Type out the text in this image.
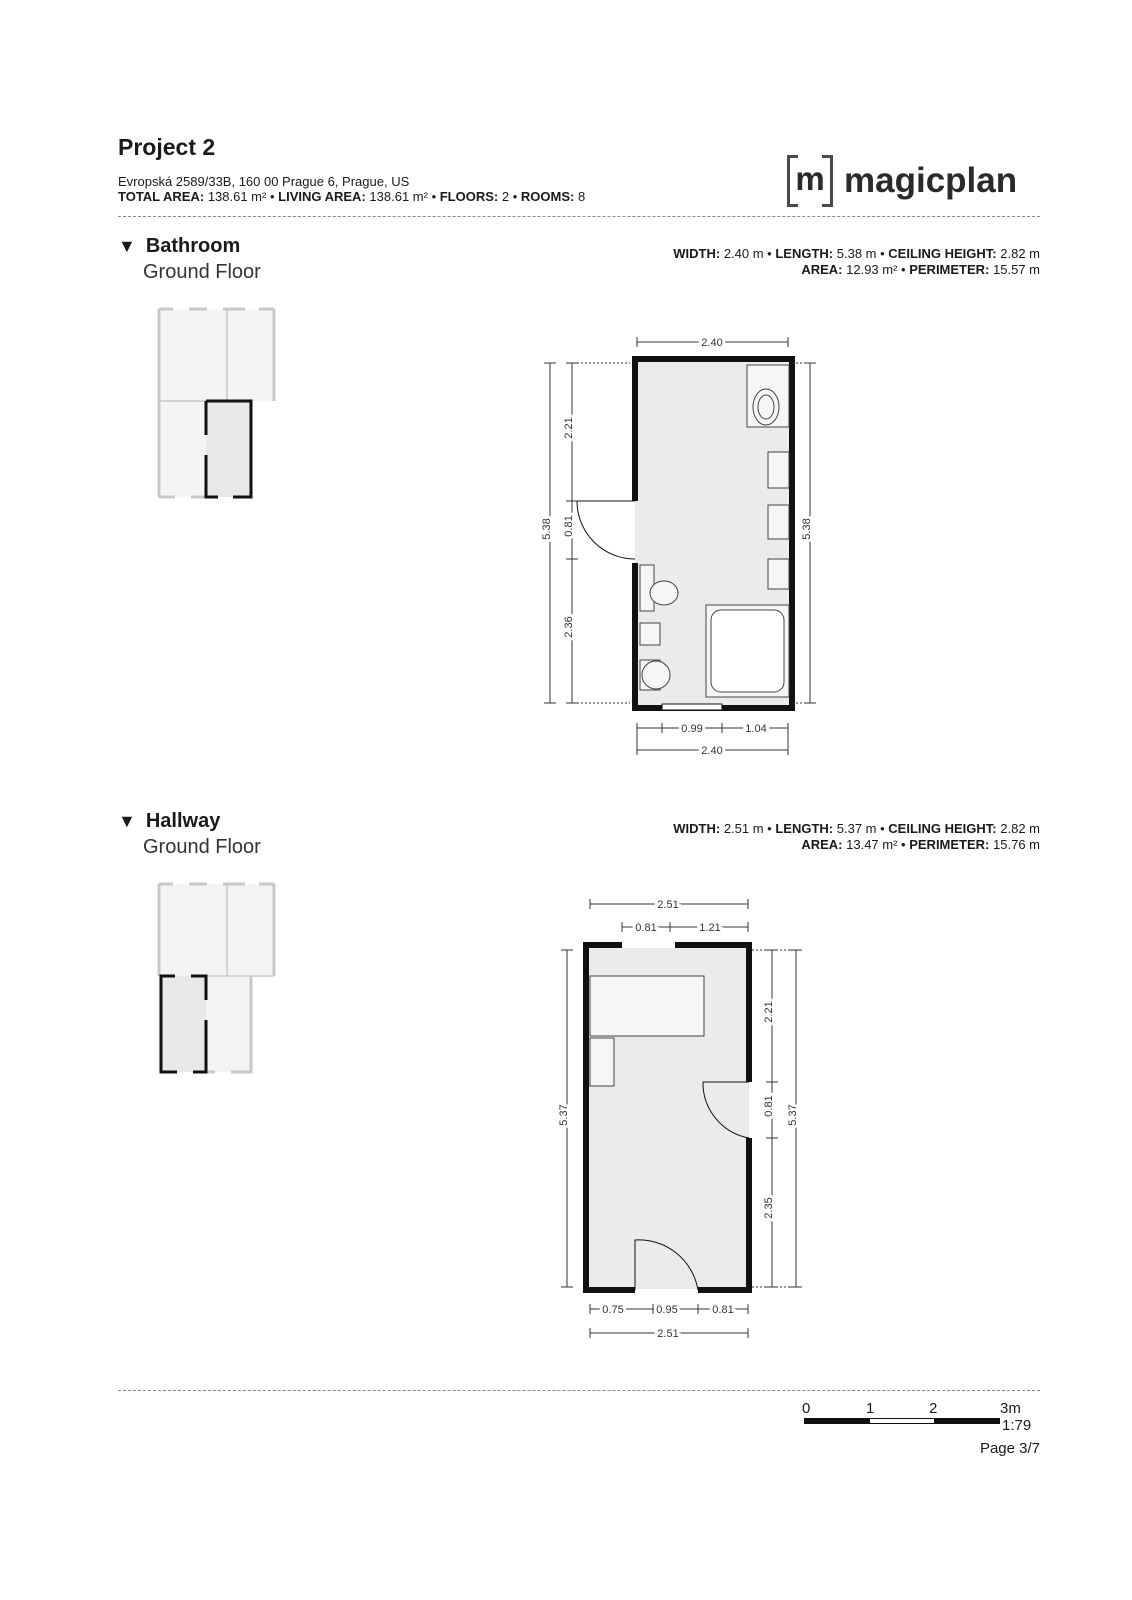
Project 2
Evropská 2589/33B, 160 00 Prague 6, Prague, US
TOTAL AREA: 138.61 m² • LIVING AREA: 138.61 m² • FLOORS: 2 • ROOMS: 8	m magicplan
▼ Bathroom
Ground Floor
WIDTH: 2.40 m • LENGTH: 5.38 m • CEILING HEIGHT: 2.82 m
AREA: 12.93 m² • PERIMETER: 15.57 m
2.40
0.99	1.04
2.40
5.38
2.21
0.81
2.36
5.38
▼ Hallway
Ground Floor
WIDTH: 2.51 m • LENGTH: 5.37 m • CEILING HEIGHT: 2.82 m
AREA: 13.47 m² • PERIMETER: 15.76 m
2.51
0.81	1.21
0.75	0.95	0.81
2.51
5.37
2.21
0.81
2.35
5.37
0	1	2	3m
1:79
Page 3/7
